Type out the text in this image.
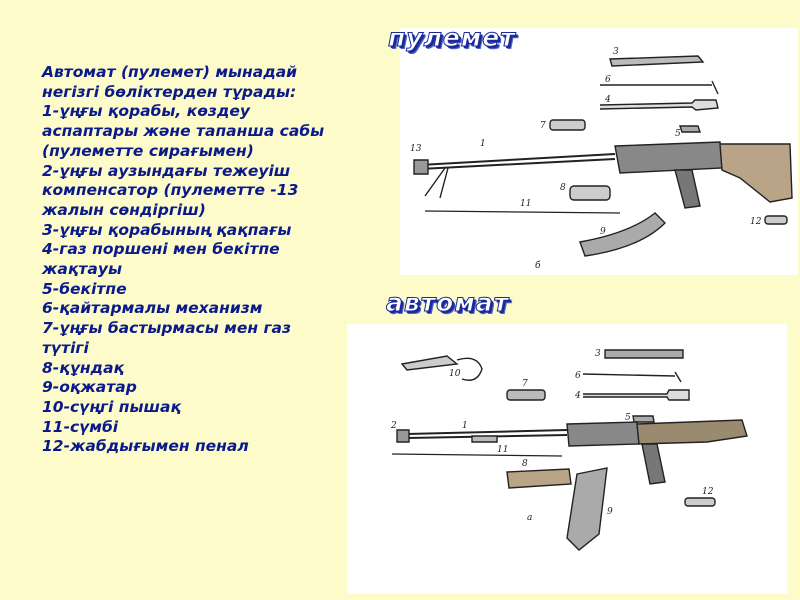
Автомат (пулемет) мынадай
негізгі бөліктерден тұрады:
1-ұңғы қорабы, көздеу
аспаптары және тапанша сабы
(пулеметте сирағымен)
2-ұңғы аузындағы тежеуіш
компенсатор (пулеметте -13
жалын сөндіргіш)
3-ұңғы қорабының қақпағы
4-газ поршені мен бекітпе
жақтауы
5-бекітпе
6-қайтармалы механизм
7-ұңғы бастырмасы мен газ
түтігі
8-құндақ
9-оқжатар
10-сүңгі пышақ
11-сүмбі
12-жабдығымен пенал
3
6
4
7
5
1
13
8
11
9
12
б
3
10
7
6
4
5
1
2
11
8
9
12
а
пулемет
автомат
